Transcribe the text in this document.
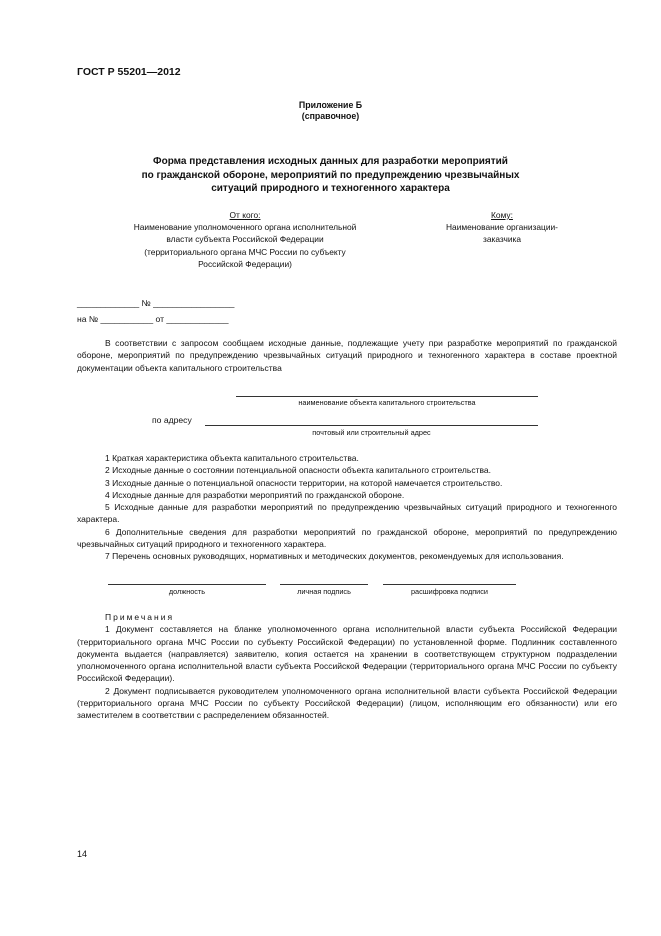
ГОСТ Р 55201—2012
Приложение Б
(справочное)
Форма представления исходных данных для разработки мероприятий
по гражданской обороне, мероприятий по предупреждению чрезвычайных
ситуаций природного и техногенного характера
От кого:
Наименование уполномоченного органа исполнительной
власти субъекта Российской Федерации
(территориального органа МЧС России по субъекту
Российской Федерации)
Кому:
Наименование организации-
заказчика
_____________ № _________________
на № ___________ от _____________
В соответствии с запросом сообщаем исходные данные, подлежащие учету при разработке мероприятий по гражданской обороне, мероприятий по предупреждению чрезвычайных ситуаций природного и техногенного характера в составе проектной документации объекта капитального строительства
наименование объекта капитального строительства
по адресу
почтовый или строительный адрес

1 Краткая характеристика объекта капитального строительства.

2 Исходные данные о состоянии потенциальной опасности объекта капитального строительства.

3 Исходные данные о потенциальной опасности территории, на которой намечается строительство.

4 Исходные данные для разработки мероприятий по гражданской обороне.

5 Исходные данные для разработки мероприятий по предупреждению чрезвычайных ситуаций природного и техногенного характера.

6 Дополнительные сведения для разработки мероприятий по гражданской обороне, мероприятий по предупреждению чрезвычайных ситуаций природного и техногенного характера.

7 Перечень основных руководящих, нормативных и методических документов, рекомендуемых для использования.

должность	личная подпись	расшифровка подписи

Примечания

1 Документ составляется на бланке уполномоченного органа исполнительной власти субъекта Российской Федерации (территориального органа МЧС России по субъекту Российской Федерации) по установленной форме. Подлинник составленного документа выдается (направляется) заявителю, копия остается на хранении в соответствующем структурном подразделении уполномоченного органа исполнительной власти субъекта Российской Федерации (территориального органа МЧС России по субъекту Российской Федерации).

2 Документ подписывается руководителем уполномоченного органа исполнительной власти субъекта Российской Федерации (территориального органа МЧС России по субъекту Российской Федерации) (лицом, исполняющим его обязанности) или его заместителем в соответствии с распределением обязанностей.

14
